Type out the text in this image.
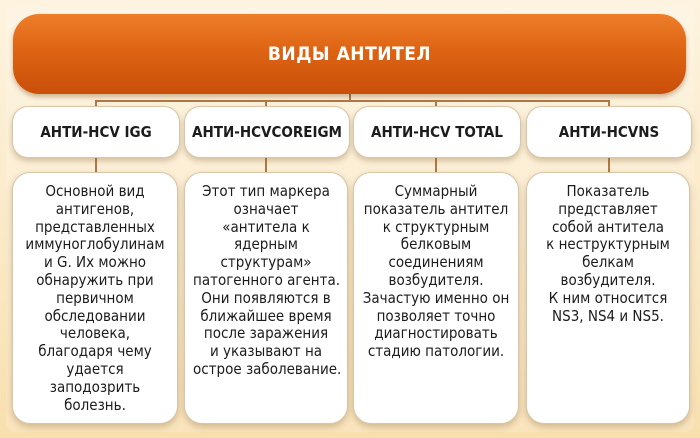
ВИДЫ АНТИТЕЛ
АНТИ-HCV IGG	АНТИ-HCVCOREIGM АНТИ-HCV TOTAL	АНТИ-HCVNS
Основной вид
антигенов,
представленных
иммуноглобулинам
и G. Их можно
обнаружить при
первичном
обследовании
человека,
благодаря чему
удается
заподозрить
болезнь.
Этот тип маркера
означает
«антитела к
ядерным
структурам»
патогенного агента.
Они появляются в
ближайшее время
после заражения
и указывают на
острое заболевание.
Суммарный
показатель антител
к структурным
белковым
соединениям
возбудителя.
Зачастую именно он
позволяет точно
диагностировать
стадию патологии.
Показатель
представляет
собой антитела
к неструктурным
белкам
возбудителя.
К ним относится
NS3, NS4 и NS5.
